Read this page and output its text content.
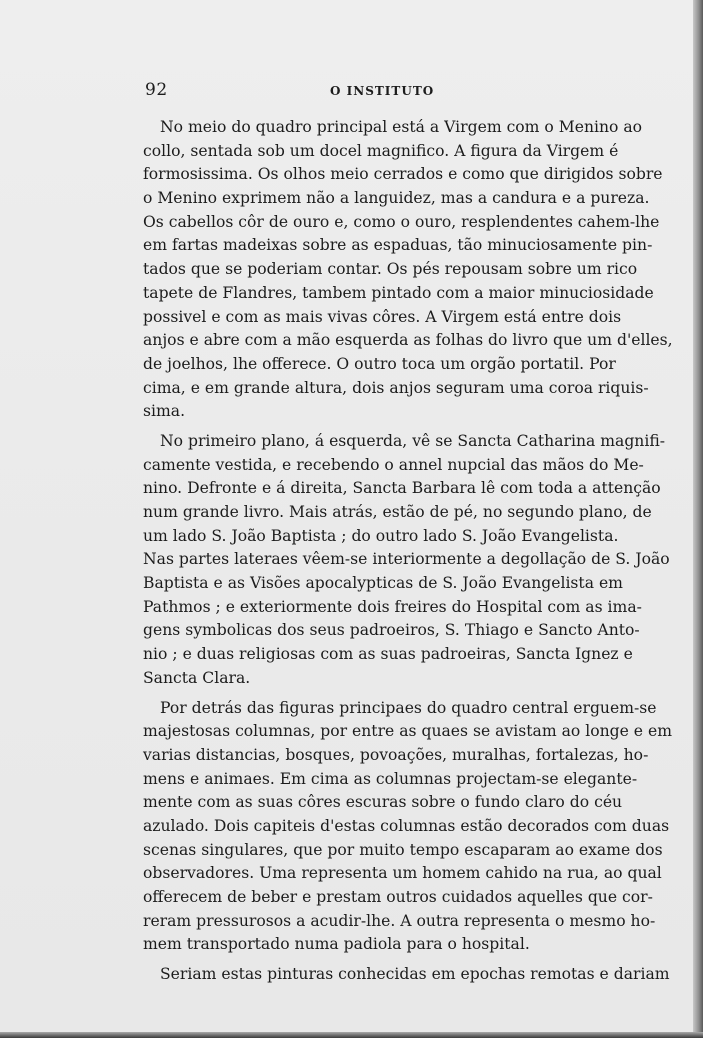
92	O INSTITUTO
No meio do quadro principal está a Virgem com o Menino ao
collo, sentada sob um docel magnifico. A figura da Virgem é
formosissima. Os olhos meio cerrados e como que dirigidos sobre
o Menino exprimem não a languidez, mas a candura e a pureza.
Os cabellos côr de ouro e, como o ouro, resplendentes cahem-lhe
em fartas madeixas sobre as espaduas, tão minuciosamente pin-
tados que se poderiam contar. Os pés repousam sobre um rico
tapete de Flandres, tambem pintado com a maior minuciosidade
possivel e com as mais vivas côres. A Virgem está entre dois
anjos e abre com a mão esquerda as folhas do livro que um d'elles,
de joelhos, lhe offerece. O outro toca um orgão portatil. Por
cima, e em grande altura, dois anjos seguram uma coroa riquis-
sima.
No primeiro plano, á esquerda, vê se Sancta Catharina magnifi-
camente vestida, e recebendo o annel nupcial das mãos do Me-
nino. Defronte e á direita, Sancta Barbara lê com toda a attenção
num grande livro. Mais atrás, estão de pé, no segundo plano, de
um lado S. João Baptista ; do outro lado S. João Evangelista.
Nas partes lateraes vêem-se interiormente a degollação de S. João
Baptista e as Visões apocalypticas de S. João Evangelista em
Pathmos ; e exteriormente dois freires do Hospital com as ima-
gens symbolicas dos seus padroeiros, S. Thiago e Sancto Anto-
nio ; e duas religiosas com as suas padroeiras, Sancta Ignez e
Sancta Clara.
Por detrás das figuras principaes do quadro central erguem-se
majestosas columnas, por entre as quaes se avistam ao longe e em
varias distancias, bosques, povoações, muralhas, fortalezas, ho-
mens e animaes. Em cima as columnas projectam-se elegante-
mente com as suas côres escuras sobre o fundo claro do céu
azulado. Dois capiteis d'estas columnas estão decorados com duas
scenas singulares, que por muito tempo escaparam ao exame dos
observadores. Uma representa um homem cahido na rua, ao qual
offerecem de beber e prestam outros cuidados aquelles que cor-
reram pressurosos a acudir-lhe. A outra representa o mesmo ho-
mem transportado numa padiola para o hospital.
Seriam estas pinturas conhecidas em epochas remotas e dariam
